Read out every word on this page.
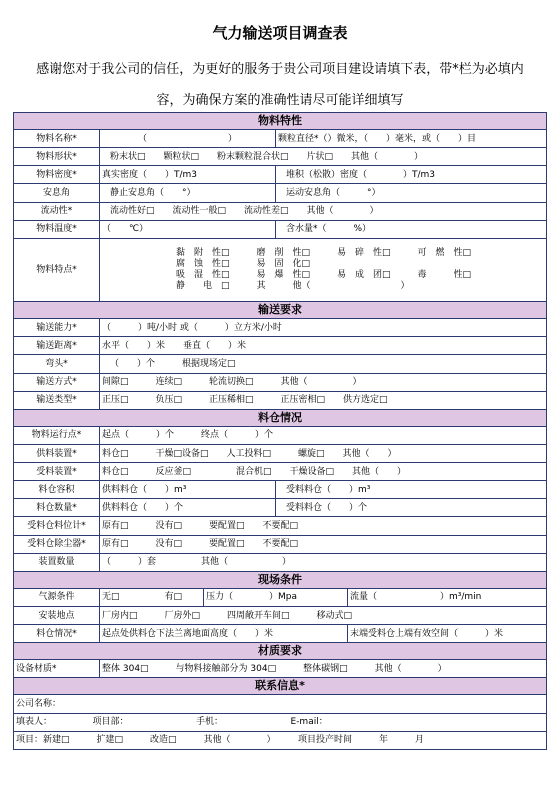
气力输送项目调查表
感谢您对于我公司的信任，为更好的服务于贵公司项目建设请填下表，带*栏为必填内
容，为确保方案的准确性请尽可能详细填写
物料特性				
物料名称*	（　　　　　　　　　）		颗粒直径*（）微米，（　　）毫米，或（　　）目	
物料形状*	粉末状□　　颗粒状□　　粉末颗粒混合状□　　片状□　　其他（　　　　）			
物料密度*	真实密度（　　）T/m3		堆积（松散）密度（　　　　）T/m3	
安息角	静止安息角（　　°）		运动安息角（　　　°）	
流动性*	流动性好□　　流动性一般□　　流动性差□　　其他（　　　　）			
物料温度*	（　　℃）		含水量*（　　　%）	
物料特点*	黏　附　性□　　　磨　削　性□　　　易　碎　性□　　　可　燃　性□
腐　蚀　性□　　　易　固　化□
吸　湿　性□　　　易　爆　性□　　　易　成　团□　　　毒　　　性□
静　　电　□　　　其　　　他（　　　　　　　　　　）			

输送要求				
输送能力*	（　　　）吨/小时 或（　　　）立方米/小时			
输送距离*	水平（　　）米　　垂直（　　）米			
弯头*	（　　）个　　　根据现场定□			
输送方式*	间隙□　　　连续□　　　轮流切换□　　　其他（　　　　　）			
输送类型*	正压□　　　负压□　　　正压稀相□　　　正压密相□　　供方选定□			
料仓情况				
物料运行点*	起点（　　　）个　　　终点（　　　）个			
供料装置*	料仓□　　　干燥□设备□　　人工投料□　　　螺旋□　　其他（　　）			
受料装置*	料仓□　　　反应釜□　　　　　混合机□　　干燥设备□　　其他（　　）			
料仓容积	供料料仓（　　）m³		受料料仓（　　）m³	
料仓数量*	供料料仓（　　）个		受料料仓（　　）个	
受料仓料位计*	原有□　　　没有□　　　要配置□　　不要配□			
受料仓除尘器*	原有□　　　没有□　　　要配置□　　不要配□			
装置数量	（　　　）套　　　　　其他（　　　　　　）			
现场条件				
气源条件	无□　　　　　有□	压力（　　　　）Mpa		流量（　　　　　　　）m³/min
安装地点	厂房内□　　　厂房外□　　　四周敞开车间□　　　移动式□			
料仓情况*	起点处供料仓下法兰离地面高度（　　）米			末端受料仓上端有效空间（　　　）米
材质要求				
设备材质*	整体 304□　　　与物料接触部分为 304□　　　整体碳钢□　　　其他（　　　　）			
联系信息*				
公司名称：				
填表人：　　　　　项目部：　　　　　　　　手机：　　　　　　　　E-mail：				
项目：新建□　　　扩建□　　　改造□　　　其他（　　　　）　　　项目投产时间　　　年　　　月				
